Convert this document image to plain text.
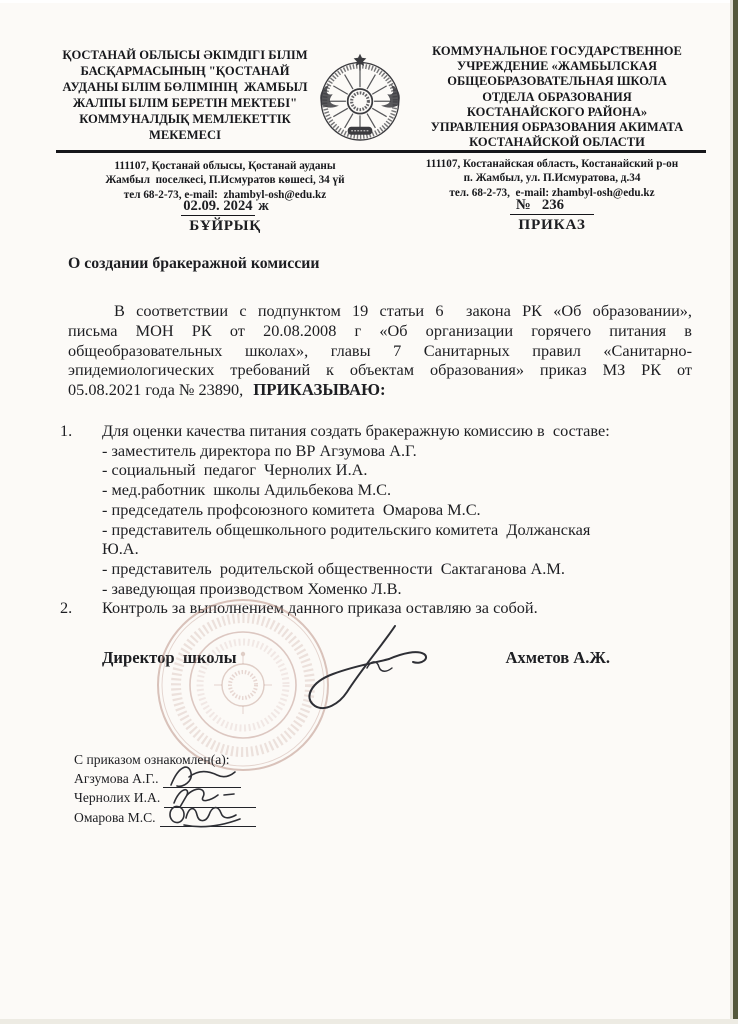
ҚОСТАНАЙ ОБЛЫСЫ ӘКІМДІГІ БІЛІМ
БАСҚАРМАСЫНЫҢ "ҚОСТАНАЙ
АУДАНЫ БІЛІМ БӨЛІМІНІҢ  ЖАМБЫЛ
ЖАЛПЫ БІЛІМ БЕРЕТІН МЕКТЕБІ"
КОММУНАЛДЫҚ МЕМЛЕКЕТТІК
МЕКЕМЕСІ
КОММУНАЛЬНОЕ ГОСУДАРСТВЕННОЕ
УЧРЕЖДЕНИЕ «ЖАМБЫЛСКАЯ
ОБЩЕОБРАЗОВАТЕЛЬНАЯ ШКОЛА
ОТДЕЛА ОБРАЗОВАНИЯ
КОСТАНАЙСКОГО РАЙОНА»
УПРАВЛЕНИЯ ОБРАЗОВАНИЯ АКИМАТА
КОСТАНАЙСКОЙ ОБЛАСТИ
111107, Қостанай облысы, Қостанай ауданы
Жамбыл  поселкесі, П.Исмуратов көшесі, 34 үй
тел 68-2-73, e-mail:  zhambyl-osh@edu.kz
111107, Костанайская область, Костанайский р-он
п. Жамбыл, ул. П.Исмуратова, д.34
тел. 68-2-73,  e-mail: zhambyl-osh@edu.kz
02.09. 2024 ж
БҰЙРЫҚ
№   236
ПРИКАЗ
О создании бракеражной комиссии
В соответствии с подпунктом 19 статьи 6  закона РК «Об образовании»,
письма МОН РК от 20.08.2008 г «Об организации горячего питания в
общеобразовательных школах», главы 7 Санитарных правил «Санитарно-
эпидемиологических требований к объектам образования» приказ МЗ РК от
05.08.2021 года № 23890, ПРИКАЗЫВАЮ:
1.	Для оценки качества питания создать бракеражную комиссию в  составе:
- заместитель директора по ВР Агзумова А.Г.
- социальный  педагог  Чернолих И.А.
- мед.работник  школы Адильбекова М.С.
- председатель профсоюзного комитета  Омарова М.С.
- представитель общешкольного родительскиго комитета  Должанская
Ю.А.
- представитель  родительской общественности  Сактаганова А.М.
- заведующая производством Хоменко Л.В.
2.	Контроль за выполнением данного приказа оставляю за собой.
Директор  школы	Ахметов А.Ж.
С приказом ознакомлен(а):
Агзумова А.Г..
Чернолих И.А.
Омарова М.С.
